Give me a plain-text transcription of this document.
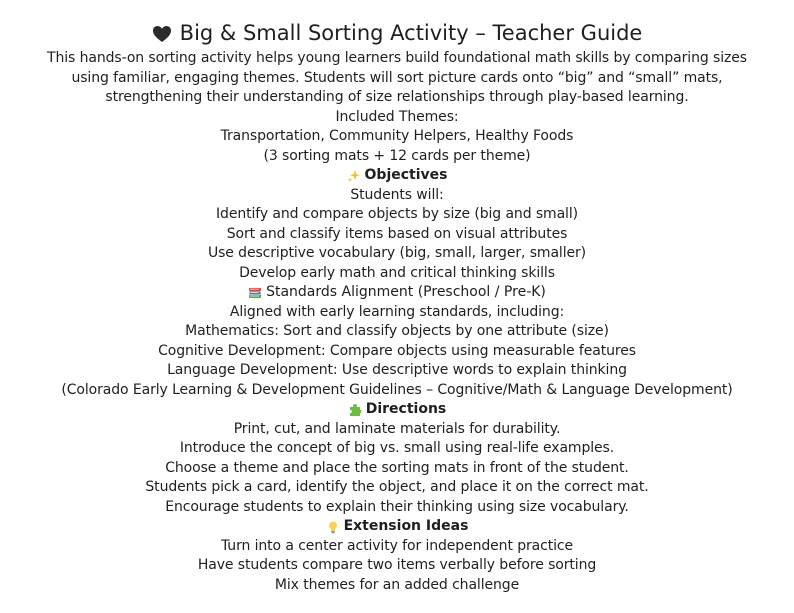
Big & Small Sorting Activity – Teacher Guide
This hands-on sorting activity helps young learners build foundational math skills by comparing sizes
using familiar, engaging themes. Students will sort picture cards onto “big” and “small” mats,
strengthening their understanding of size relationships through play-based learning.
Included Themes:
Transportation, Community Helpers, Healthy Foods
(3 sorting mats + 12 cards per theme)
Objectives
Students will:
Identify and compare objects by size (big and small)
Sort and classify items based on visual attributes
Use descriptive vocabulary (big, small, larger, smaller)
Develop early math and critical thinking skills
Standards Alignment (Preschool / Pre-K)
Aligned with early learning standards, including:
Mathematics: Sort and classify objects by one attribute (size)
Cognitive Development: Compare objects using measurable features
Language Development: Use descriptive words to explain thinking
(Colorado Early Learning & Development Guidelines – Cognitive/Math & Language Development)
Directions
Print, cut, and laminate materials for durability.
Introduce the concept of big vs. small using real-life examples.
Choose a theme and place the sorting mats in front of the student.
Students pick a card, identify the object, and place it on the correct mat.
Encourage students to explain their thinking using size vocabulary.
Extension Ideas
Turn into a center activity for independent practice
Have students compare two items verbally before sorting
Mix themes for an added challenge
